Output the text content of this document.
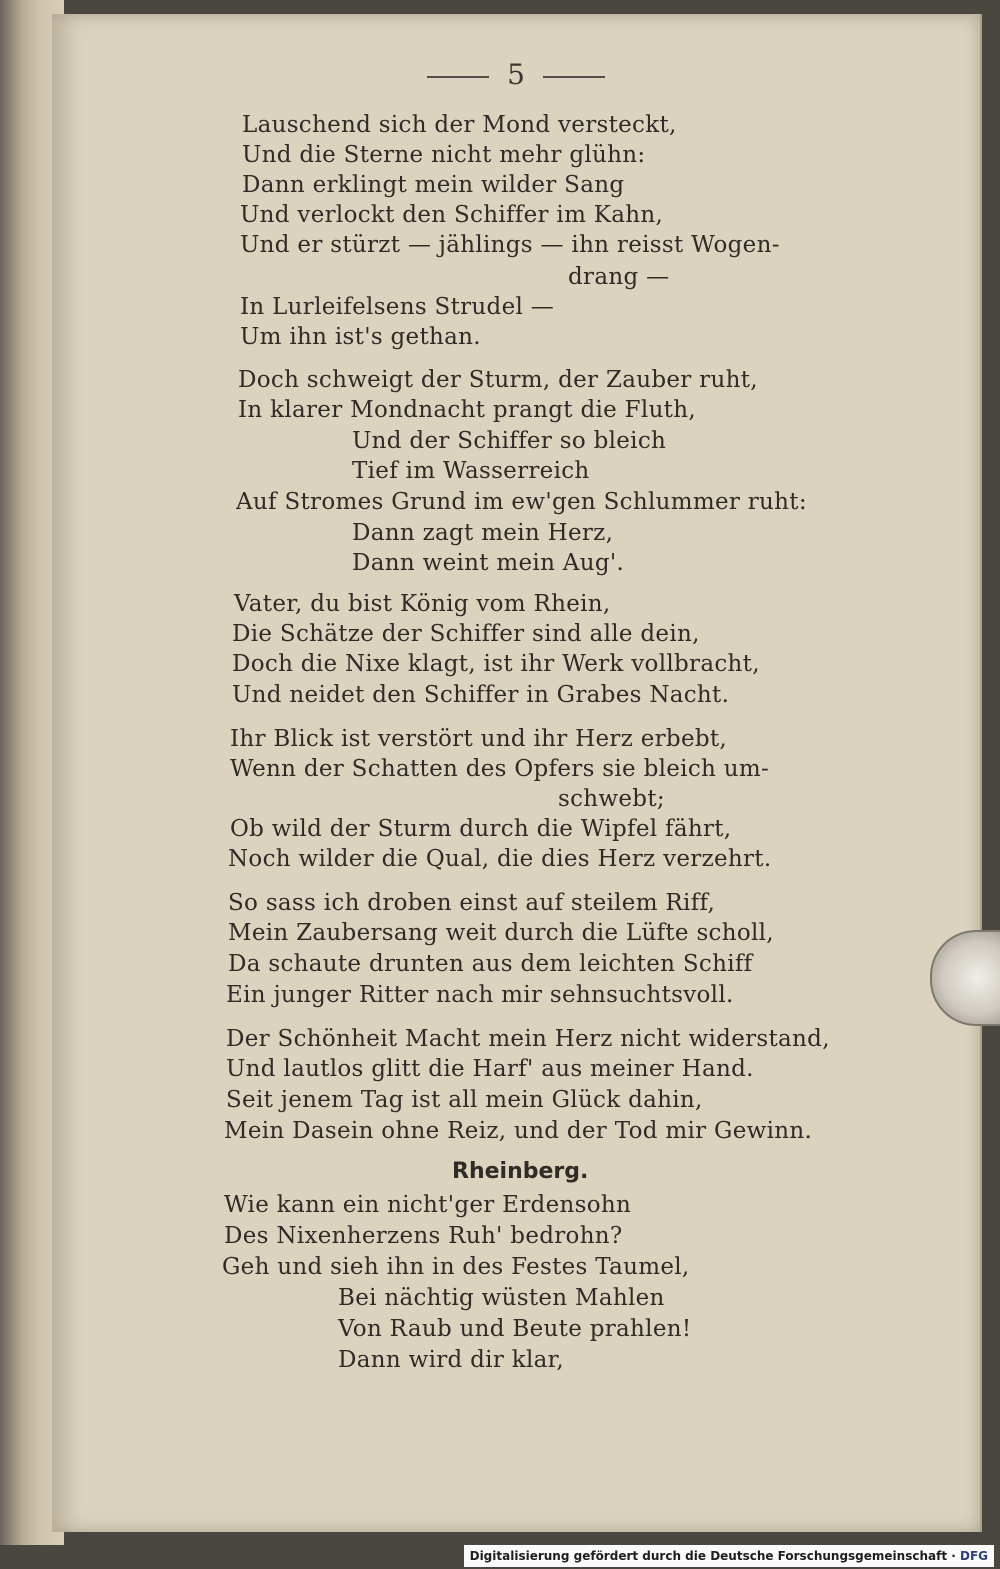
5
Lauschend sich der Mond versteckt,
Und die Sterne nicht mehr glühn:
Dann erklingt mein wilder Sang
Und verlockt den Schiffer im Kahn,
Und er stürzt — jählings — ihn reisst Wogen-
drang —
In Lurleifelsens Strudel —
Um ihn ist's gethan.
Doch schweigt der Sturm, der Zauber ruht,
In klarer Mondnacht prangt die Fluth,
Und der Schiffer so bleich
Tief im Wasserreich
Auf Stromes Grund im ew'gen Schlummer ruht:
Dann zagt mein Herz,
Dann weint mein Aug'.
Vater, du bist König vom Rhein,
Die Schätze der Schiffer sind alle dein,
Doch die Nixe klagt, ist ihr Werk vollbracht,
Und neidet den Schiffer in Grabes Nacht.
Ihr Blick ist verstört und ihr Herz erbebt,
Wenn der Schatten des Opfers sie bleich um-
schwebt;
Ob wild der Sturm durch die Wipfel fährt,
Noch wilder die Qual, die dies Herz verzehrt.
So sass ich droben einst auf steilem Riff,
Mein Zaubersang weit durch die Lüfte scholl,
Da schaute drunten aus dem leichten Schiff
Ein junger Ritter nach mir sehnsuchtsvoll.
Der Schönheit Macht mein Herz nicht widerstand,
Und lautlos glitt die Harf' aus meiner Hand.
Seit jenem Tag ist all mein Glück dahin,
Mein Dasein ohne Reiz, und der Tod mir Gewinn.
Rheinberg.
Wie kann ein nicht'ger Erdensohn
Des Nixenherzens Ruh' bedrohn?
Geh und sieh ihn in des Festes Taumel,
Bei nächtig wüsten Mahlen
Von Raub und Beute prahlen!
Dann wird dir klar,
Digitalisierung gefördert durch die Deutsche Forschungsgemeinschaft · DFG
